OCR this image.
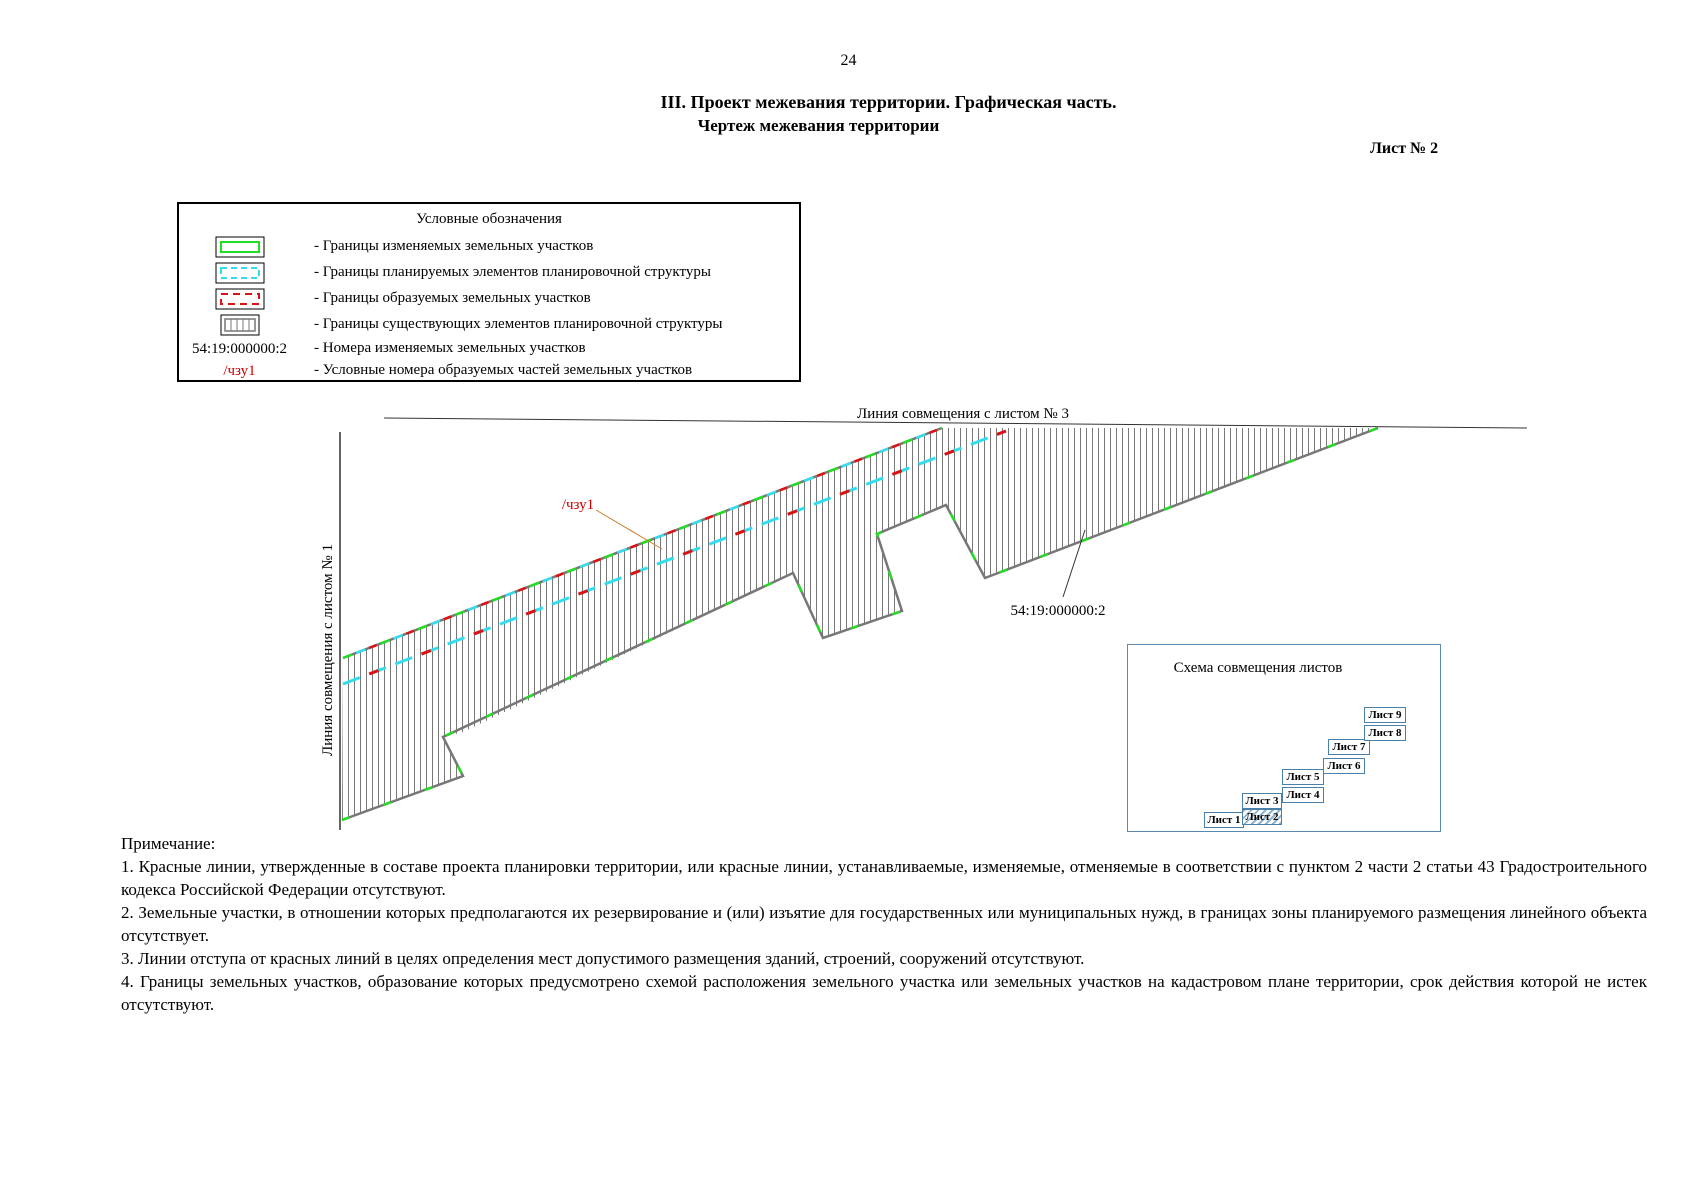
24
III. Проект межевания территории. Графическая часть.
Чертеж межевания территории
Лист № 2
Условные обозначения
- Границы изменяемых земельных участков
- Границы планируемых элементов планировочной структуры
- Границы образуемых земельных участков
- Границы существующих элементов планировочной структуры
54:19:000000:2	- Номера изменяемых земельных участков
/чзу1	- Условные номера образуемых частей земельных участков
Линия совмещения с листом № 3
Линия совмещения с листом № 1
/чзу1
54:19:000000:2
Схема совмещения листов
Лист 1 Лист 2
Лист 3 Лист 4
Лист 5
Лист 6
Лист 7
Лист 8
Лист 9

Примечание:

1. Красные линии, утвержденные в составе проекта планировки территории, или красные линии, устанавливаемые, изменяемые, отменяемые в соответствии с пунктом 2 части 2 статьи 43 Градостроительного кодекса Российской Федерации отсутствуют.

2. Земельные участки, в отношении которых предполагаются их резервирование и (или) изъятие для государственных или муниципальных нужд, в границах зоны планируемого размещения линейного объекта отсутствует.

3. Линии отступа от красных линий в целях определения мест допустимого размещения зданий, строений, сооружений отсутствуют.

4. Границы земельных участков, образование которых предусмотрено схемой расположения земельного участка или земельных участков на кадастровом плане территории, срок действия которой не истек отсутствуют.
